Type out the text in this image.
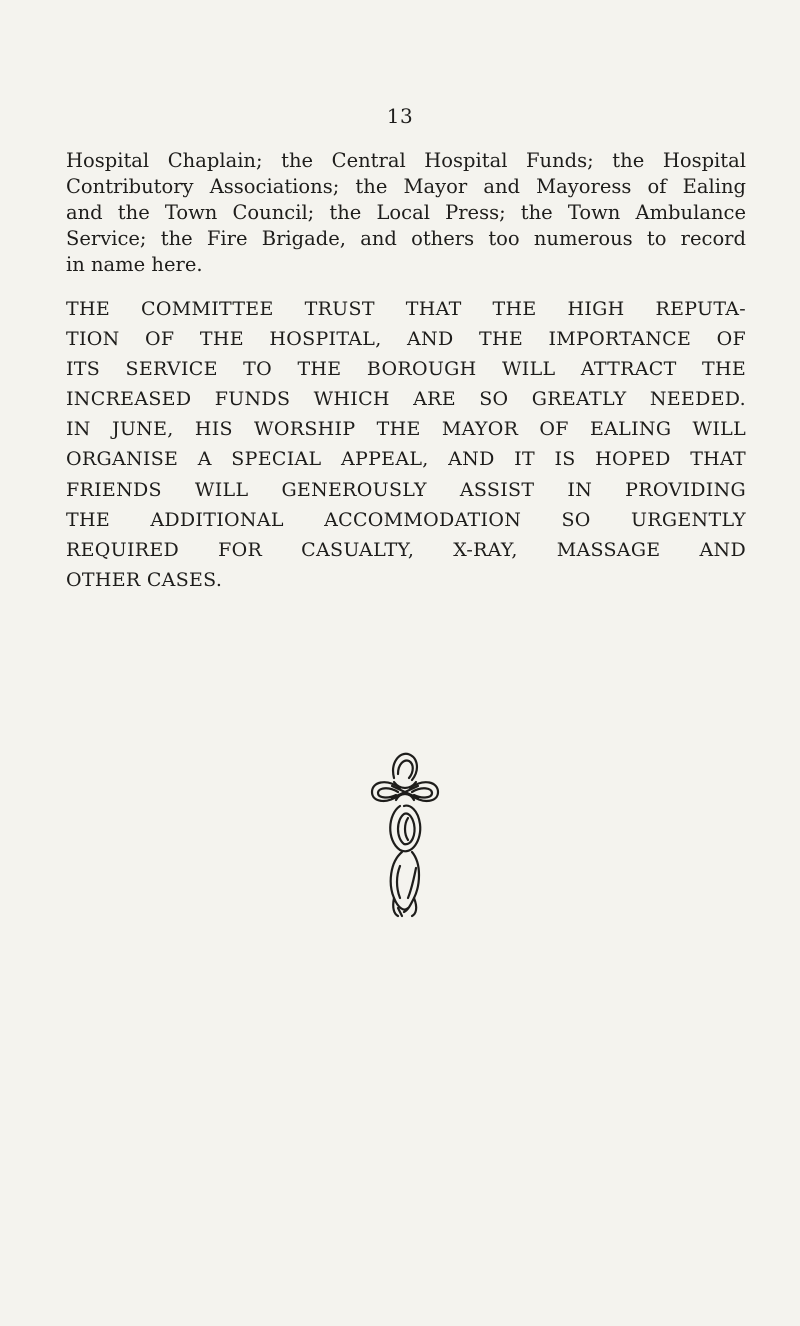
13
Hospital Chaplain; the Central Hospital Funds; the Hospital
Contributory Associations; the Mayor and Mayoress of Ealing
and the Town Council; the Local Press; the Town Ambulance
Service; the Fire Brigade, and others too numerous to record
in name here.
THE COMMITTEE TRUST THAT THE HIGH REPUTA-
TION OF THE HOSPITAL, AND THE IMPORTANCE OF
ITS SERVICE TO THE BOROUGH WILL ATTRACT THE
INCREASED FUNDS WHICH ARE SO GREATLY NEEDED.
IN JUNE, HIS WORSHIP THE MAYOR OF EALING WILL
ORGANISE A SPECIAL APPEAL, AND IT IS HOPED THAT
FRIENDS WILL GENEROUSLY ASSIST IN PROVIDING
THE ADDITIONAL ACCOMMODATION SO URGENTLY
REQUIRED FOR CASUALTY, X-RAY, MASSAGE AND
OTHER CASES.
